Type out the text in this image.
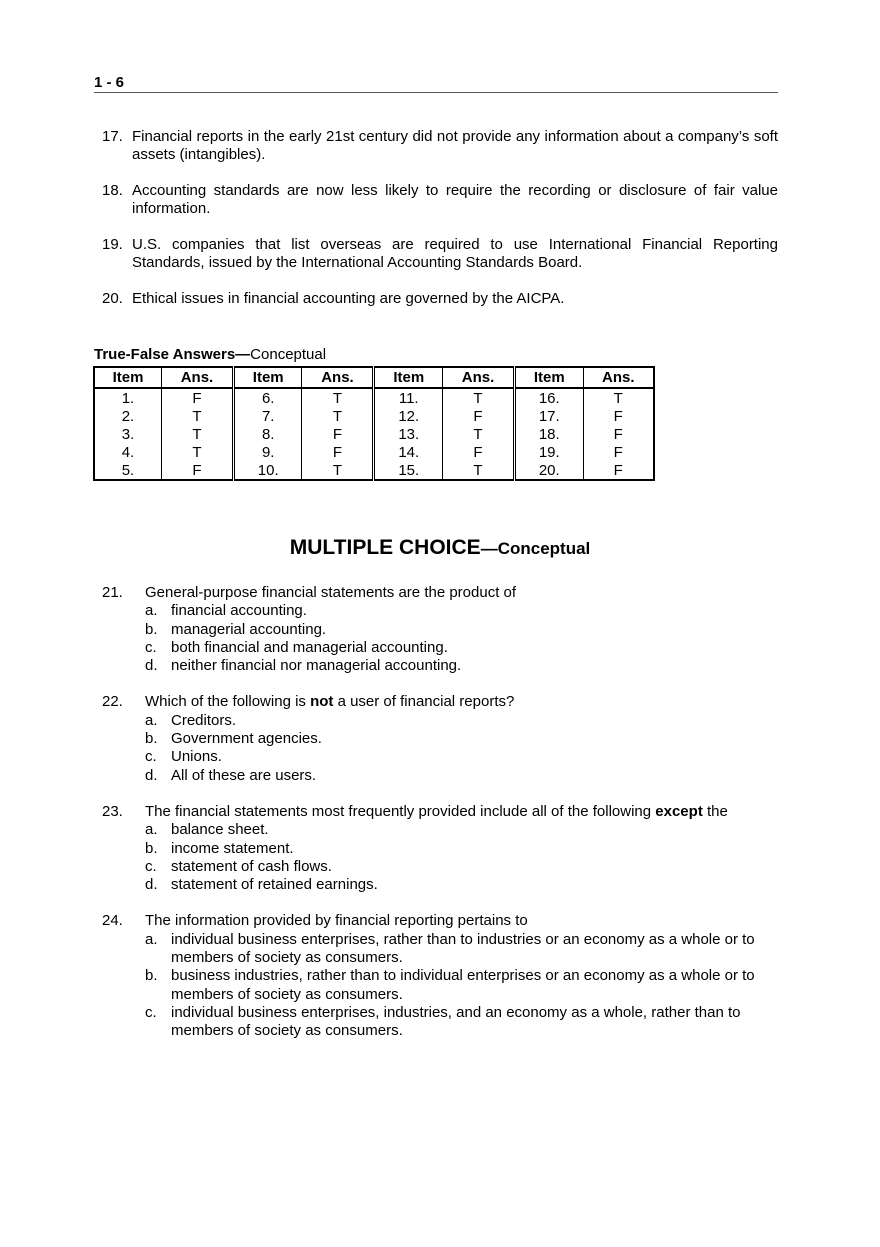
1 - 6
17. Financial reports in the early 21st century did not provide any information about a company’s soft assets (intangibles).
18. Accounting standards are now less likely to require the recording or disclosure of fair value information.
19. U.S. companies that list overseas are required to use International Financial Reporting Standards, issued by the International Accounting Standards Board.
20. Ethical issues in financial accounting are governed by the AICPA.
True-False Answers—Conceptual
Item	Ans.	Item	Ans.	Item	Ans.	Item	Ans.
1.	F	6.	T	11.	T	16.	T
2.	T	7.	T	12.	F	17.	F
3.	T	8.	F	13.	T	18.	F
4.	T	9.	F	14.	F	19.	F
5.	F	10.	T	15.	T	20.	F
MULTIPLE CHOICE—Conceptual
21.	General-purpose financial statements are the product of
a. financial accounting.
b. managerial accounting.
c. both financial and managerial accounting.
d. neither financial nor managerial accounting.
22.	Which of the following is not a user of financial reports?
a. Creditors.
b. Government agencies.
c. Unions.
d. All of these are users.
23.	The financial statements most frequently provided include all of the following except the
a. balance sheet.
b. income statement.
c. statement of cash flows.
d. statement of retained earnings.
24.	The information provided by financial reporting pertains to
a. individual business enterprises, rather than to industries or an economy as a whole or to members of society as consumers.
b. business industries, rather than to individual enterprises or an economy as a whole or to members of society as consumers.
c. individual business enterprises, industries, and an economy as a whole, rather than to members of society as consumers.
